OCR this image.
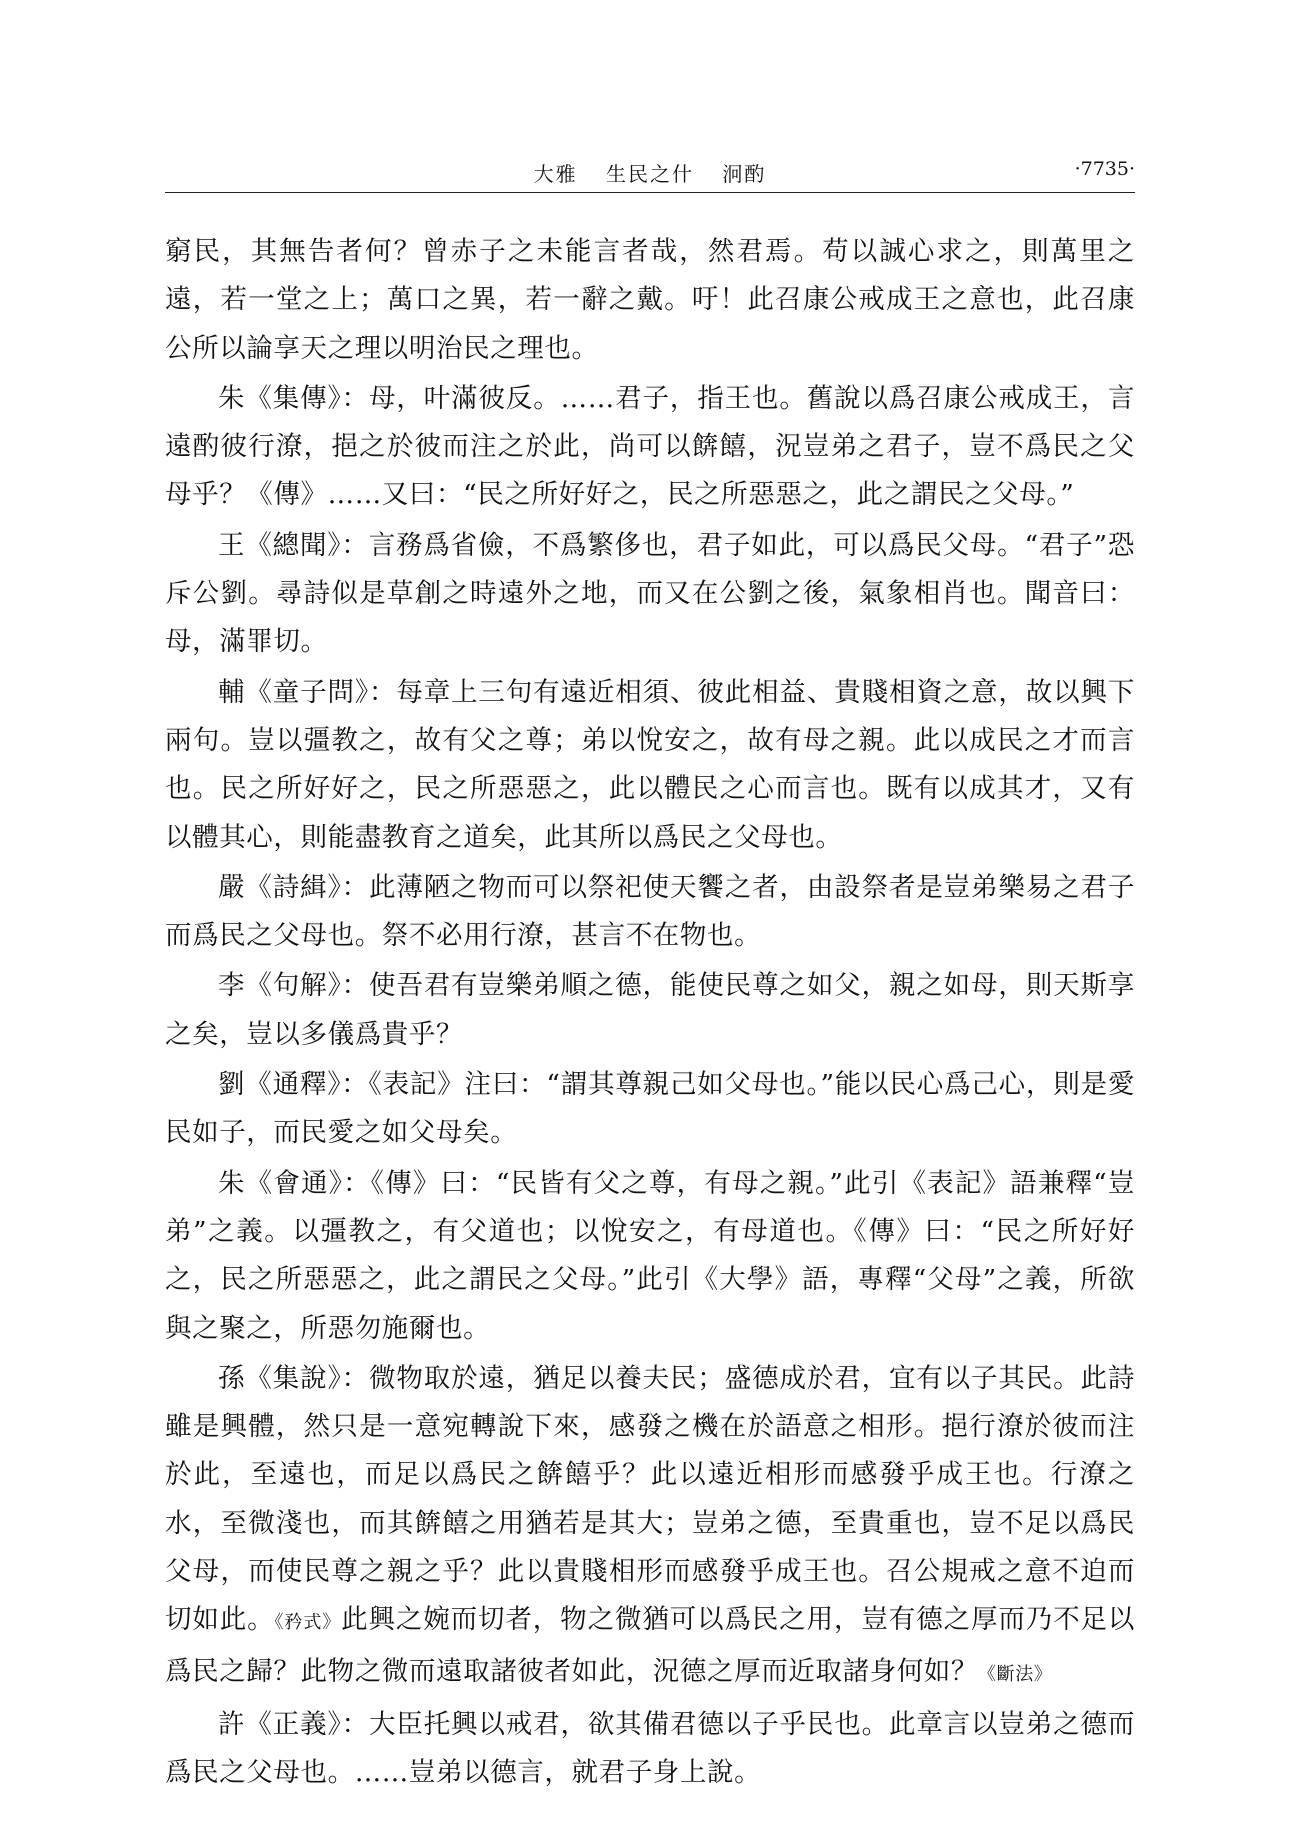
大雅 生民之什 泂酌	·7735·

窮民，其無告者何？曾赤子之未能言者哉，然君焉。苟以誠心求之，則萬里之遠，若一堂之上；萬口之異，若一辭之戴。吁！此召康公戒成王之意也，此召康公所以論享天之理以明治民之理也。

朱《集傳》：母，叶滿彼反。……君子，指王也。舊說以爲召康公戒成王，言遠酌彼行潦，挹之於彼而注之於此，尚可以餴饎，況豈弟之君子，豈不爲民之父母乎？《傳》……又曰：“民之所好好之，民之所惡惡之，此之謂民之父母。”

王《總聞》：言務爲省儉，不爲繁侈也，君子如此，可以爲民父母。“君子”恐斥公劉。尋詩似是草創之時遠外之地，而又在公劉之後，氣象相肖也。聞音曰：母，滿罪切。

輔《童子問》：每章上三句有遠近相須、彼此相益、貴賤相資之意，故以興下兩句。豈以彊教之，故有父之尊；弟以悅安之，故有母之親。此以成民之才而言也。民之所好好之，民之所惡惡之，此以體民之心而言也。既有以成其才，又有以體其心，則能盡教育之道矣，此其所以爲民之父母也。

嚴《詩緝》：此薄陋之物而可以祭祀使天饗之者，由設祭者是豈弟樂易之君子而爲民之父母也。祭不必用行潦，甚言不在物也。

李《句解》：使吾君有豈樂弟順之德，能使民尊之如父，親之如母，則天斯享之矣，豈以多儀爲貴乎？

劉《通釋》：《表記》注曰：“謂其尊親己如父母也。”能以民心爲己心，則是愛民如子，而民愛之如父母矣。

朱《會通》：《傳》曰：“民皆有父之尊，有母之親。”此引《表記》語兼釋“豈弟”之義。以彊教之，有父道也；以悅安之，有母道也。《傳》曰：“民之所好好之，民之所惡惡之，此之謂民之父母。”此引《大學》語，專釋“父母”之義，所欲與之聚之，所惡勿施爾也。

孫《集說》：微物取於遠，猶足以養夫民；盛德成於君，宜有以子其民。此詩雖是興體，然只是一意宛轉說下來，感發之機在於語意之相形。挹行潦於彼而注於此，至遠也，而足以爲民之餴饎乎？此以遠近相形而感發乎成王也。行潦之水，至微淺也，而其餴饎之用猶若是其大；豈弟之德，至貴重也，豈不足以爲民父母，而使民尊之親之乎？此以貴賤相形而感發乎成王也。召公規戒之意不迫而切如此。《矜式》此興之婉而切者，物之微猶可以爲民之用，豈有德之厚而乃不足以爲民之歸？此物之微而遠取諸彼者如此，況德之厚而近取諸身何如？《斷法》

許《正義》：大臣托興以戒君，欲其備君德以子乎民也。此章言以豈弟之德而爲民之父母也。……豈弟以德言，就君子身上說。
